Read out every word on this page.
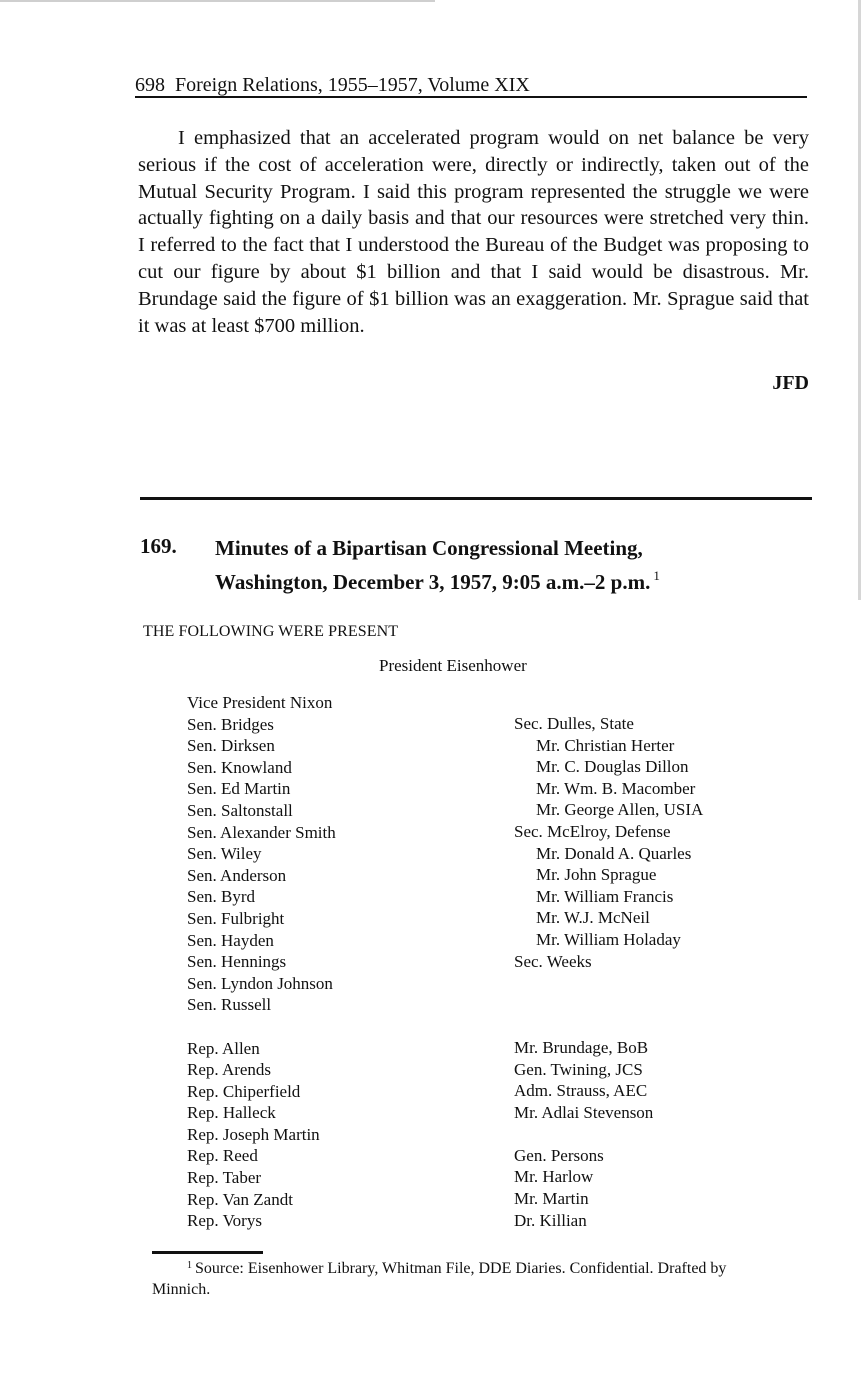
698 Foreign Relations, 1955–1957, Volume XIX

I emphasized that an accelerated program would on net balance be very serious if the cost of acceleration were, directly or indirectly, taken out of the Mutual Security Program. I said this program represented the struggle we were actually fighting on a daily basis and that our resources were stretched very thin. I referred to the fact that I understood the Bureau of the Budget was proposing to cut our figure by about $1 billion and that I said would be disastrous. Mr. Brundage said the figure of $1 billion was an exaggeration. Mr. Sprague said that it was at least $700 million.

JFD
169. Minutes of a Bipartisan Congressional Meeting,
Washington, December 3, 1957, 9:05 a.m.–2 p.m. $^1$
THE FOLLOWING WERE PRESENT
President Eisenhower
Vice President Nixon
Sen. Bridges
Sen. Dirksen
Sen. Knowland
Sen. Ed Martin
Sen. Saltonstall
Sen. Alexander Smith
Sen. Wiley
Sen. Anderson
Sen. Byrd
Sen. Fulbright
Sen. Hayden
Sen. Hennings
Sen. Lyndon Johnson
Sen. Russell
Rep. Allen
Rep. Arends
Rep. Chiperfield
Rep. Halleck
Rep. Joseph Martin
Rep. Reed
Rep. Taber
Rep. Van Zandt
Rep. Vorys
Sec. Dulles, State
Mr. Christian Herter
Mr. C. Douglas Dillon
Mr. Wm. B. Macomber
Mr. George Allen, USIA
Sec. McElroy, Defense
Mr. Donald A. Quarles
Mr. John Sprague
Mr. William Francis
Mr. W.J. McNeil
Mr. William Holaday
Sec. Weeks
Mr. Brundage, BoB
Gen. Twining, JCS
Adm. Strauss, AEC
Mr. Adlai Stevenson
Gen. Persons
Mr. Harlow
Mr. Martin
Dr. Killian
$^1$ Source: Eisenhower Library, Whitman File, DDE Diaries. Confidential. Drafted by
Minnich.
